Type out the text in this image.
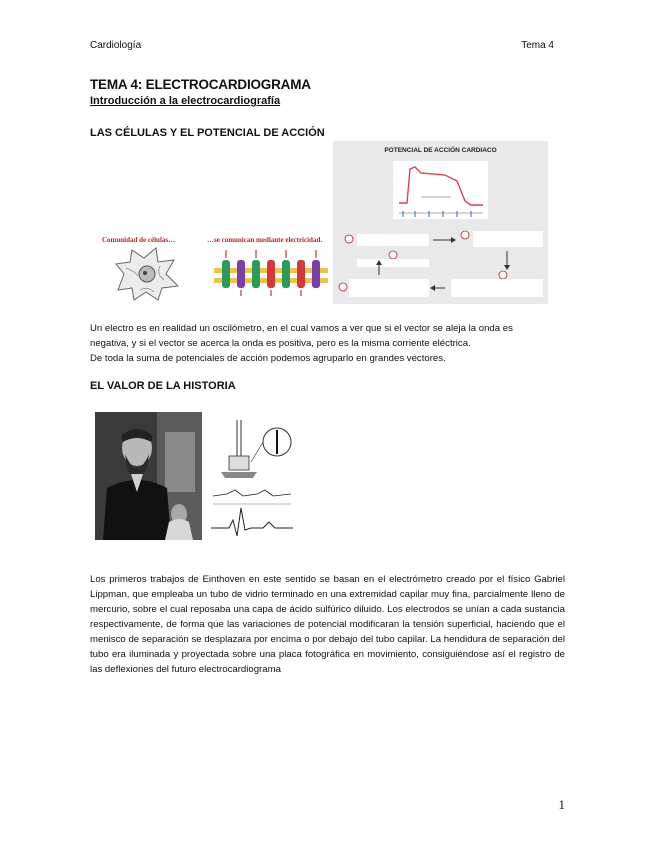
Cardiología	Tema 4
TEMA 4: ELECTROCARDIOGRAMA
Introducción a la electrocardiografía
LAS CÉLULAS Y EL POTENCIAL DE ACCIÓN
Comunidad de células…	…se comunican mediante electricidad.
POTENCIAL DE ACCIÓN CARDIACO
Un electro es en realidad un oscilómetro, en el cual vamos a ver que si el vector se aleja la onda es
negativa, y si el vector se acerca la onda es positiva, pero es la misma corriente eléctrica.
De toda la suma de potenciales de acción podemos agruparlo en grandes vectores.
EL VALOR DE LA HISTORIA
Los primeros trabajos de Einthoven en este sentido se basan en el electrómetro creado por el físico Gabriel Lippman, que empleaba un tubo de vidrio terminado en una extremidad capilar muy fina, parcialmente lleno de mercurio, sobre el cual reposaba una capa de ácido sulfúrico diluido. Los electrodos se unían a cada sustancia respectivamente, de forma que las variaciones de potencial modificaran la tensión superficial, haciendo que el menisco de separación se desplazara por encima o por debajo del tubo capilar. La hendidura de separación del tubo era iluminada y proyectada sobre una placa fotográfica en movimiento, consiguiéndose así el registro de las deflexiones del futuro electrocardiograma
1
